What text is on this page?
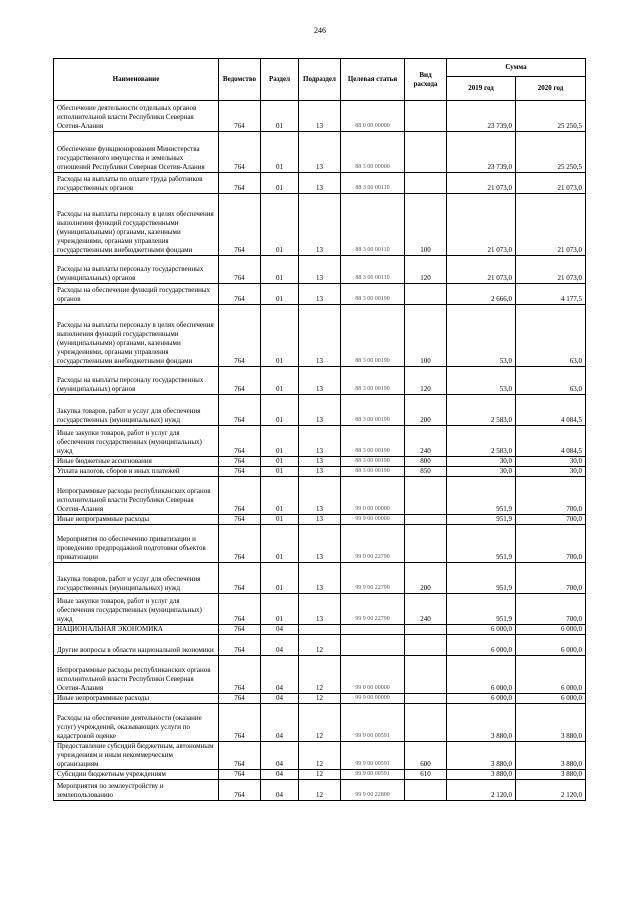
246
Наименование	Ведомство	Раздел	Подраздел	Целевая статья	Вид расхода	Сумма	
						2019 год	2020 год
Обеспечение деятельности отдельных органов исполнительной власти Республики Северная Осетия-Алания	764	01	13	88 0 00 00000		23 739,0	25 250,5
Обеспечение функционирования Министерства государственного имущества и земельных отношений Республики Северная Осетия-Алания	764	01	13	88 3 00 00000		23 739,0	25 250,5
Расходы на выплаты по оплате труда работников государственных органов	764	01	13	88 3 00 00110		21 073,0	21 073,0
Расходы на выплаты персоналу в целях обеспечения выполнения функций государственными (муниципальными) органами, казенными учреждениями, органами управления государственными внебюджетными фондами	764	01	13	88 3 00 00110	100	21 073,0	21 073,0
Расходы на выплаты персоналу государственных (муниципальных) органов	764	01	13	88 3 00 00110	120	21 073,0	21 073,0
Расходы на обеспечение функций государственных органов	764	01	13	88 3 00 00190		2 666,0	4 177,5
Расходы на выплаты персоналу в целях обеспечения выполнения функций государственными (муниципальными) органами, казенными учреждениями, органами управления государственными внебюджетными фондами	764	01	13	88 3 00 00190	100	53,0	63,0
Расходы на выплаты персоналу государственных (муниципальных) органов	764	01	13	88 3 00 00190	120	53,0	63,0
Закупка товаров, работ и услуг для обеспечения государственных (муниципальных) нужд	764	01	13	88 3 00 00190	200	2 583,0	4 084,5
Иные закупки товаров, работ и услуг для обеспечения государственных (муниципальных) нужд	764	01	13	88 3 00 00190	240	2 583,0	4 084,5
Иные бюджетные ассигнования	764	01	13	88 3 00 00190	800	30,0	30,0
Уплата налогов, сборов и иных платежей	764	01	13	88 3 00 00190	850	30,0	30,0
Непрограммные расходы республиканских органов исполнительной власти Республики Северная Осетия-Алания	764	01	13	99 0 00 00000		951,9	700,0
Иные непрограммные расходы	764	01	13	99 9 00 00000		951,9	700,0
Мероприятия по обеспечению приватизации и проведению предпродажной подготовки объектов приватизации	764	01	13	99 9 00 22790		951,9	700,0
Закупка товаров, работ и услуг для обеспечения государственных (муниципальных) нужд	764	01	13	99 9 00 22790	200	951,9	700,0
Иные закупки товаров, работ и услуг для обеспечения государственных (муниципальных) нужд	764	01	13	99 9 00 22790	240	951,9	700,0
НАЦИОНАЛЬНАЯ ЭКОНОМИКА	764	04				6 000,0	6 000,0
Другие вопросы в области национальной экономики	764	04	12			6 000,0	6 000,0
Непрограммные расходы республиканских органов исполнительной власти Республики Северная Осетия-Алания	764	04	12	99 0 00 00000		6 000,0	6 000,0
Иные непрограммные расходы	764	04	12	99 9 00 00000		6 000,0	6 000,0
Расходы на обеспечение деятельности (оказание услуг) учреждений, оказывающих услуги по кадастровой оценке	764	04	12	99 9 00 00591		3 880,0	3 880,0
Предоставление субсидий бюджетным, автономным учреждениям и иным некоммерческим организациям	764	04	12	99 9 00 00591	600	3 880,0	3 880,0
Субсидии бюджетным учреждениям	764	04	12	99 9 00 00591	610	3 880,0	3 880,0
Мероприятия по землеустройству и землепользованию	764	04	12	99 9 00 22800		2 120,0	2 120,0
